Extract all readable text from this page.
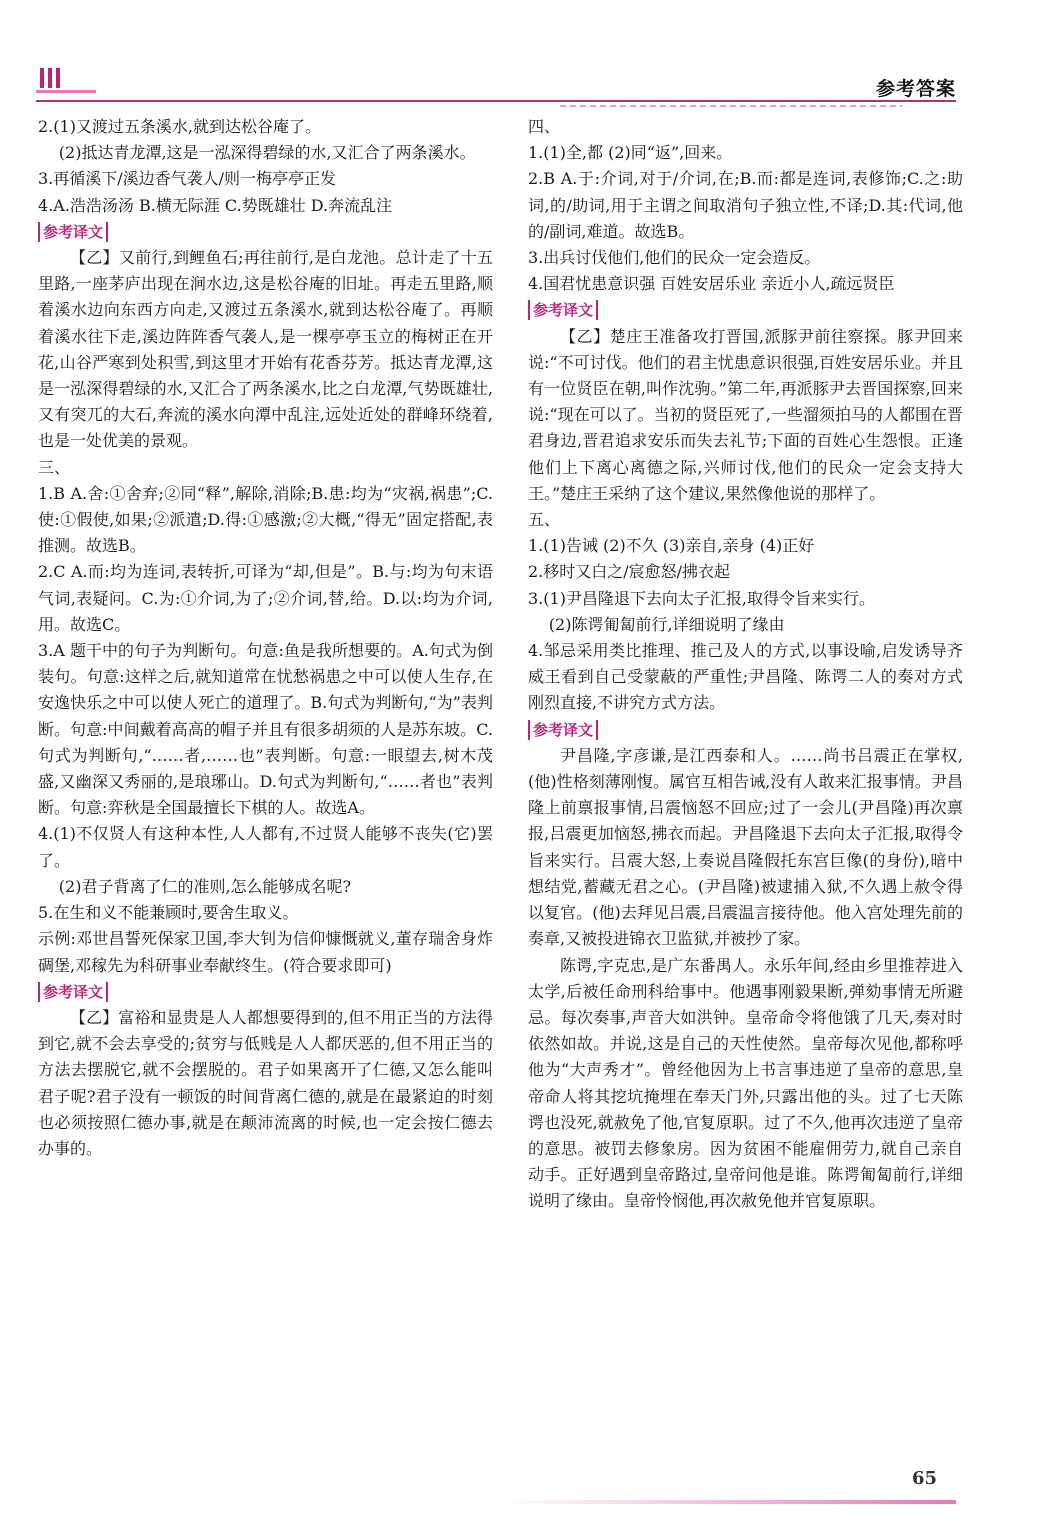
参考答案
2.(1)又渡过五条溪水,就到达松谷庵了。
(2)抵达青龙潭,这是一泓深得碧绿的水,又汇合了两条溪水。
3.再循溪下/溪边香气袭人/则一梅亭亭正发
4.A.浩浩汤汤 B.横无际涯 C.势既雄壮 D.奔流乱注
参考译文
【乙】又前行,到鲤鱼石;再往前行,是白龙池。总计走了十五里路,一座茅庐出现在涧水边,这是松谷庵的旧址。再走五里路,顺着溪水边向东西方向走,又渡过五条溪水,就到达松谷庵了。再顺着溪水往下走,溪边阵阵香气袭人,是一棵亭亭玉立的梅树正在开花,山谷严寒到处积雪,到这里才开始有花香芬芳。抵达青龙潭,这是一泓深得碧绿的水,又汇合了两条溪水,比之白龙潭,气势既雄壮,又有突兀的大石,奔流的溪水向潭中乱注,远处近处的群峰环绕着,也是一处优美的景观。
三、
1.B A.舍:①舍弃;②同“释”,解除,消除;B.患:均为“灾祸,祸患”;C.使:①假使,如果;②派遣;D.得:①感激;②大概,“得无”固定搭配,表推测。故选B。
2.C A.而:均为连词,表转折,可译为“却,但是”。B.与:均为句末语气词,表疑问。C.为:①介词,为了;②介词,替,给。D.以:均为介词,用。故选C。
3.A 题干中的句子为判断句。句意:鱼是我所想要的。A.句式为倒装句。句意:这样之后,就知道常在忧愁祸患之中可以使人生存,在安逸快乐之中可以使人死亡的道理了。B.句式为判断句,“为”表判断。句意:中间戴着高高的帽子并且有很多胡须的人是苏东坡。C.句式为判断句,“……者,……也”表判断。句意:一眼望去,树木茂盛,又幽深又秀丽的,是琅琊山。D.句式为判断句,“……者也”表判断。句意:弈秋是全国最擅长下棋的人。故选A。
4.(1)不仅贤人有这种本性,人人都有,不过贤人能够不丧失(它)罢了。
(2)君子背离了仁的准则,怎么能够成名呢?
5.在生和义不能兼顾时,要舍生取义。
示例:邓世昌誓死保家卫国,李大钊为信仰慷慨就义,董存瑞舍身炸碉堡,邓稼先为科研事业奉献终生。(符合要求即可)
参考译文
【乙】富裕和显贵是人人都想要得到的,但不用正当的方法得到它,就不会去享受的;贫穷与低贱是人人都厌恶的,但不用正当的方法去摆脱它,就不会摆脱的。君子如果离开了仁德,又怎么能叫君子呢?君子没有一顿饭的时间背离仁德的,就是在最紧迫的时刻也必须按照仁德办事,就是在颠沛流离的时候,也一定会按仁德去办事的。
四、
1.(1)全,都 (2)同“返”,回来。
2.B A.于:介词,对于/介词,在;B.而:都是连词,表修饰;C.之:助词,的/助词,用于主谓之间取消句子独立性,不译;D.其:代词,他的/副词,难道。故选B。
3.出兵讨伐他们,他们的民众一定会造反。
4.国君忧患意识强 百姓安居乐业 亲近小人,疏远贤臣
参考译文
【乙】楚庄王准备攻打晋国,派豚尹前往察探。豚尹回来说:“不可讨伐。他们的君主忧患意识很强,百姓安居乐业。并且有一位贤臣在朝,叫作沈驹。”第二年,再派豚尹去晋国探察,回来说:“现在可以了。当初的贤臣死了,一些溜须拍马的人都围在晋君身边,晋君追求安乐而失去礼节;下面的百姓心生怨恨。正逢他们上下离心离德之际,兴师讨伐,他们的民众一定会支持大王。”楚庄王采纳了这个建议,果然像他说的那样了。
五、
1.(1)告诫 (2)不久 (3)亲自,亲身 (4)正好
2.移时又白之/宸愈怒/拂衣起
3.(1)尹昌隆退下去向太子汇报,取得令旨来实行。
(2)陈谔匍匐前行,详细说明了缘由
4.邹忌采用类比推理、推己及人的方式,以事设喻,启发诱导齐威王看到自己受蒙蔽的严重性;尹昌隆、陈谔二人的奏对方式刚烈直接,不讲究方式方法。
参考译文
尹昌隆,字彦谦,是江西泰和人。……尚书吕震正在掌权,(他)性格刻薄刚愎。属官互相告诫,没有人敢来汇报事情。尹昌隆上前禀报事情,吕震恼怒不回应;过了一会儿(尹昌隆)再次禀报,吕震更加恼怒,拂衣而起。尹昌隆退下去向太子汇报,取得令旨来实行。吕震大怒,上奏说昌隆假托东宫巨像(的身份),暗中想结党,蓄藏无君之心。(尹昌隆)被逮捕入狱,不久遇上赦令得以复官。(他)去拜见吕震,吕震温言接待他。他入宫处理先前的奏章,又被投进锦衣卫监狱,并被抄了家。
陈谔,字克忠,是广东番禺人。永乐年间,经由乡里推荐进入太学,后被任命刑科给事中。他遇事刚毅果断,弹劾事情无所避忌。每次奏事,声音大如洪钟。皇帝命令将他饿了几天,奏对时依然如故。并说,这是自己的天性使然。皇帝每次见他,都称呼他为“大声秀才”。曾经他因为上书言事违逆了皇帝的意思,皇帝命人将其挖坑掩埋在奉天门外,只露出他的头。过了七天陈谔也没死,就赦免了他,官复原职。过了不久,他再次违逆了皇帝的意思。被罚去修象房。因为贫困不能雇佣劳力,就自己亲自动手。正好遇到皇帝路过,皇帝问他是谁。陈谔匍匐前行,详细说明了缘由。皇帝怜悯他,再次赦免他并官复原职。
65
